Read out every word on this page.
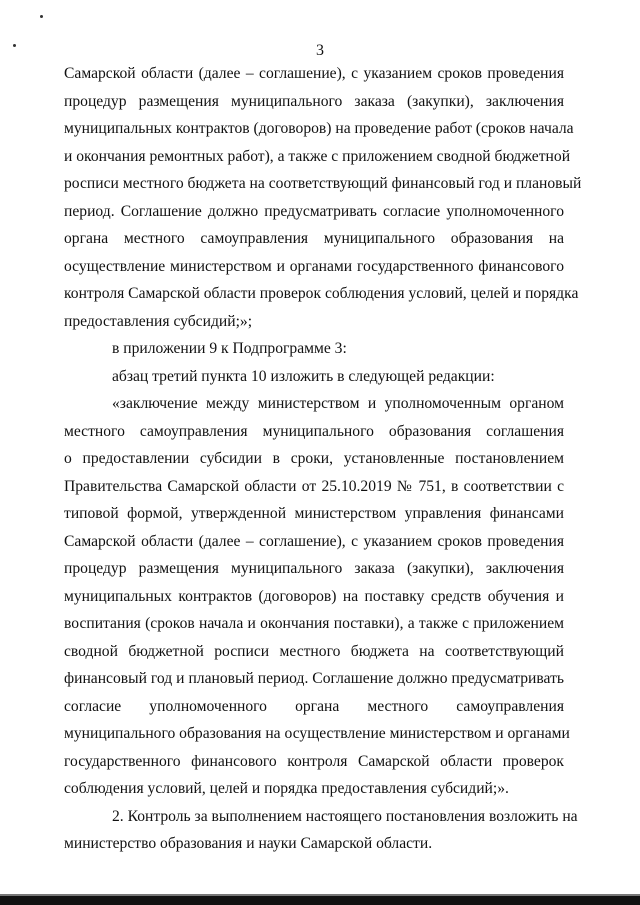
3

Самарской области (далее – соглашение), с указанием сроков проведения
процедур размещения муниципального заказа (закупки), заключения
муниципальных контрактов (договоров) на проведение работ (сроков начала
и окончания ремонтных работ), а также с приложением сводной бюджетной
росписи местного бюджета на соответствующий финансовый год и плановый
период. Соглашение должно предусматривать согласие уполномоченного
органа местного самоуправления муниципального образования на
осуществление министерством и органами государственного финансового
контроля Самарской области проверок соблюдения условий, целей и порядка
предоставления субсидий;»;

в приложении 9 к Подпрограмме 3:

абзац третий пункта 10 изложить в следующей редакции:

«заключение между министерством и уполномоченным органом
местного самоуправления муниципального образования соглашения
о предоставлении субсидии в сроки, установленные постановлением
Правительства Самарской области от 25.10.2019 № 751, в соответствии с
типовой формой, утвержденной министерством управления финансами
Самарской области (далее – соглашение), с указанием сроков проведения
процедур размещения муниципального заказа (закупки), заключения
муниципальных контрактов (договоров) на поставку средств обучения и
воспитания (сроков начала и окончания поставки), а также с приложением
сводной бюджетной росписи местного бюджета на соответствующий
финансовый год и плановый период. Соглашение должно предусматривать
согласие уполномоченного органа местного самоуправления
муниципального образования на осуществление министерством и органами
государственного финансового контроля Самарской области проверок
соблюдения условий, целей и порядка предоставления субсидий;».

2. Контроль за выполнением настоящего постановления возложить на
министерство образования и науки Самарской области.
